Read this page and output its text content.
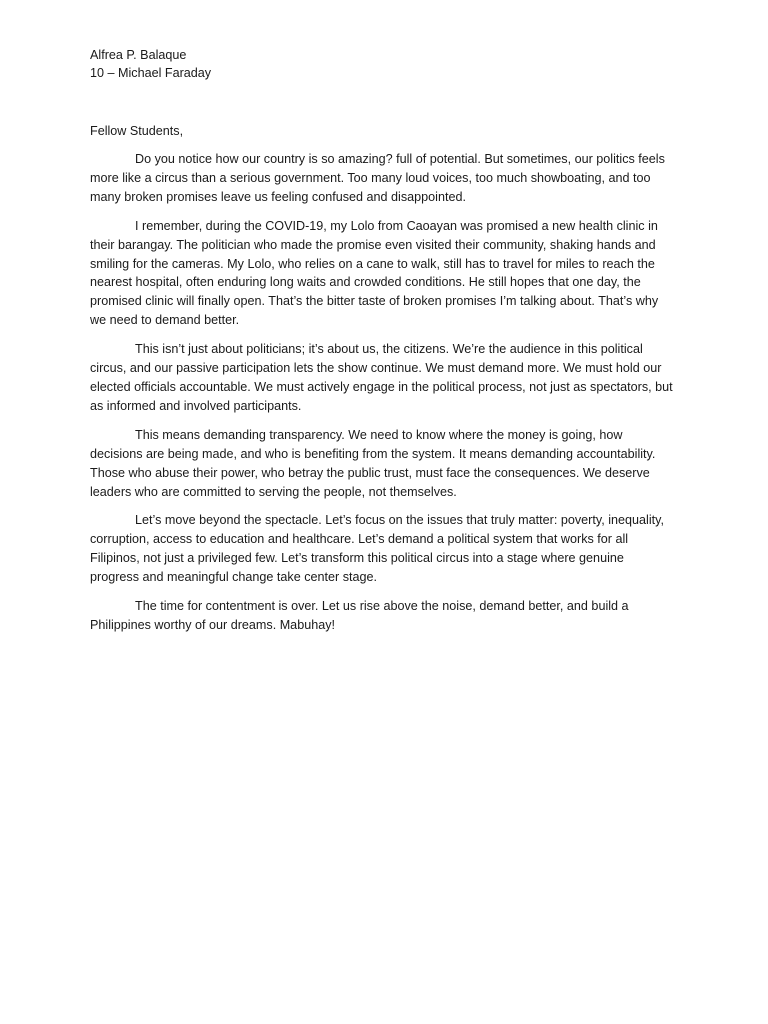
Alfrea P. Balaque

10 – Michael Faraday

Fellow Students,

Do you notice how our country is so amazing? full of potential. But sometimes, our politics feels more like a circus than a serious government. Too many loud voices, too much showboating, and too many broken promises leave us feeling confused and disappointed.

I remember, during the COVID-19, my Lolo from Caoayan was promised a new health clinic in their barangay. The politician who made the promise even visited their community, shaking hands and smiling for the cameras. My Lolo, who relies on a cane to walk, still has to travel for miles to reach the nearest hospital, often enduring long waits and crowded conditions. He still hopes that one day, the promised clinic will finally open. That’s the bitter taste of broken promises I’m talking about. That’s why we need to demand better.

This isn’t just about politicians; it’s about us, the citizens. We’re the audience in this political circus, and our passive participation lets the show continue. We must demand more. We must hold our elected officials accountable. We must actively engage in the political process, not just as spectators, but as informed and involved participants.

This means demanding transparency. We need to know where the money is going, how decisions are being made, and who is benefiting from the system. It means demanding accountability. Those who abuse their power, who betray the public trust, must face the consequences. We deserve leaders who are committed to serving the people, not themselves.

Let’s move beyond the spectacle. Let’s focus on the issues that truly matter: poverty, inequality, corruption, access to education and healthcare. Let’s demand a political system that works for all Filipinos, not just a privileged few. Let’s transform this political circus into a stage where genuine progress and meaningful change take center stage.

The time for contentment is over. Let us rise above the noise, demand better, and build a Philippines worthy of our dreams. Mabuhay!
